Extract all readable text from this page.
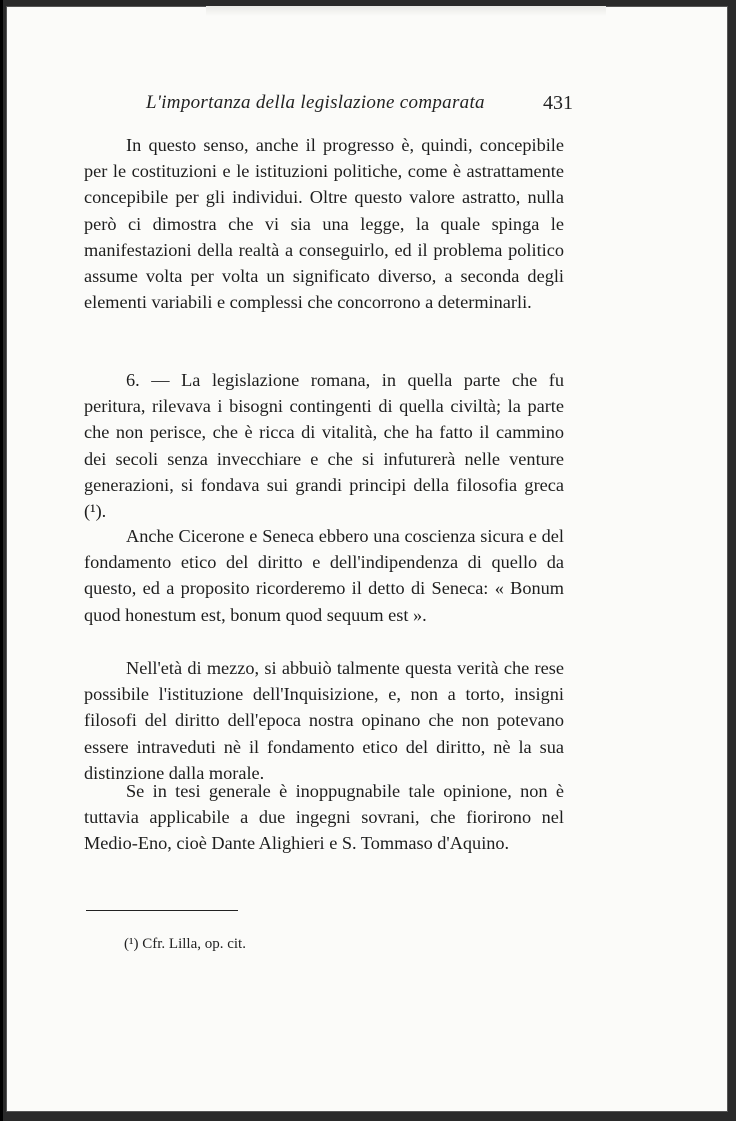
L'importanza della legislazione comparata	431

In questo senso, anche il progresso è, quindi, concepibile per le costituzioni e le istituzioni politiche, come è astrattamente concepibile per gli individui. Oltre questo valore astratto, nulla però ci dimostra che vi sia una legge, la quale spinga le manifestazioni della realtà a conseguirlo, ed il problema politico assume volta per volta un significato diverso, a seconda degli elementi variabili e complessi che concorrono a determinarli.

6. — La legislazione romana, in quella parte che fu peritura, rilevava i bisogni contingenti di quella civiltà; la parte che non perisce, che è ricca di vitalità, che ha fatto il cammino dei secoli senza invecchiare e che si infuturerà nelle venture generazioni, si fondava sui grandi principi della filosofia greca (¹).

Anche Cicerone e Seneca ebbero una coscienza sicura e del fondamento etico del diritto e dell'indipendenza di quello da questo, ed a proposito ricorderemo il detto di Seneca: « Bonum quod honestum est, bonum quod sequum est ».

Nell'età di mezzo, si abbuiò talmente questa verità che rese possibile l'istituzione dell'Inquisizione, e, non a torto, insigni filosofi del diritto dell'epoca nostra opinano che non potevano essere intraveduti nè il fondamento etico del diritto, nè la sua distinzione dalla morale.

Se in tesi generale è inoppugnabile tale opinione, non è tuttavia applicabile a due ingegni sovrani, che fiorirono nel Medio-Eno, cioè Dante Alighieri e S. Tommaso d'Aquino.

(¹) Cfr. Lilla, op. cit.
